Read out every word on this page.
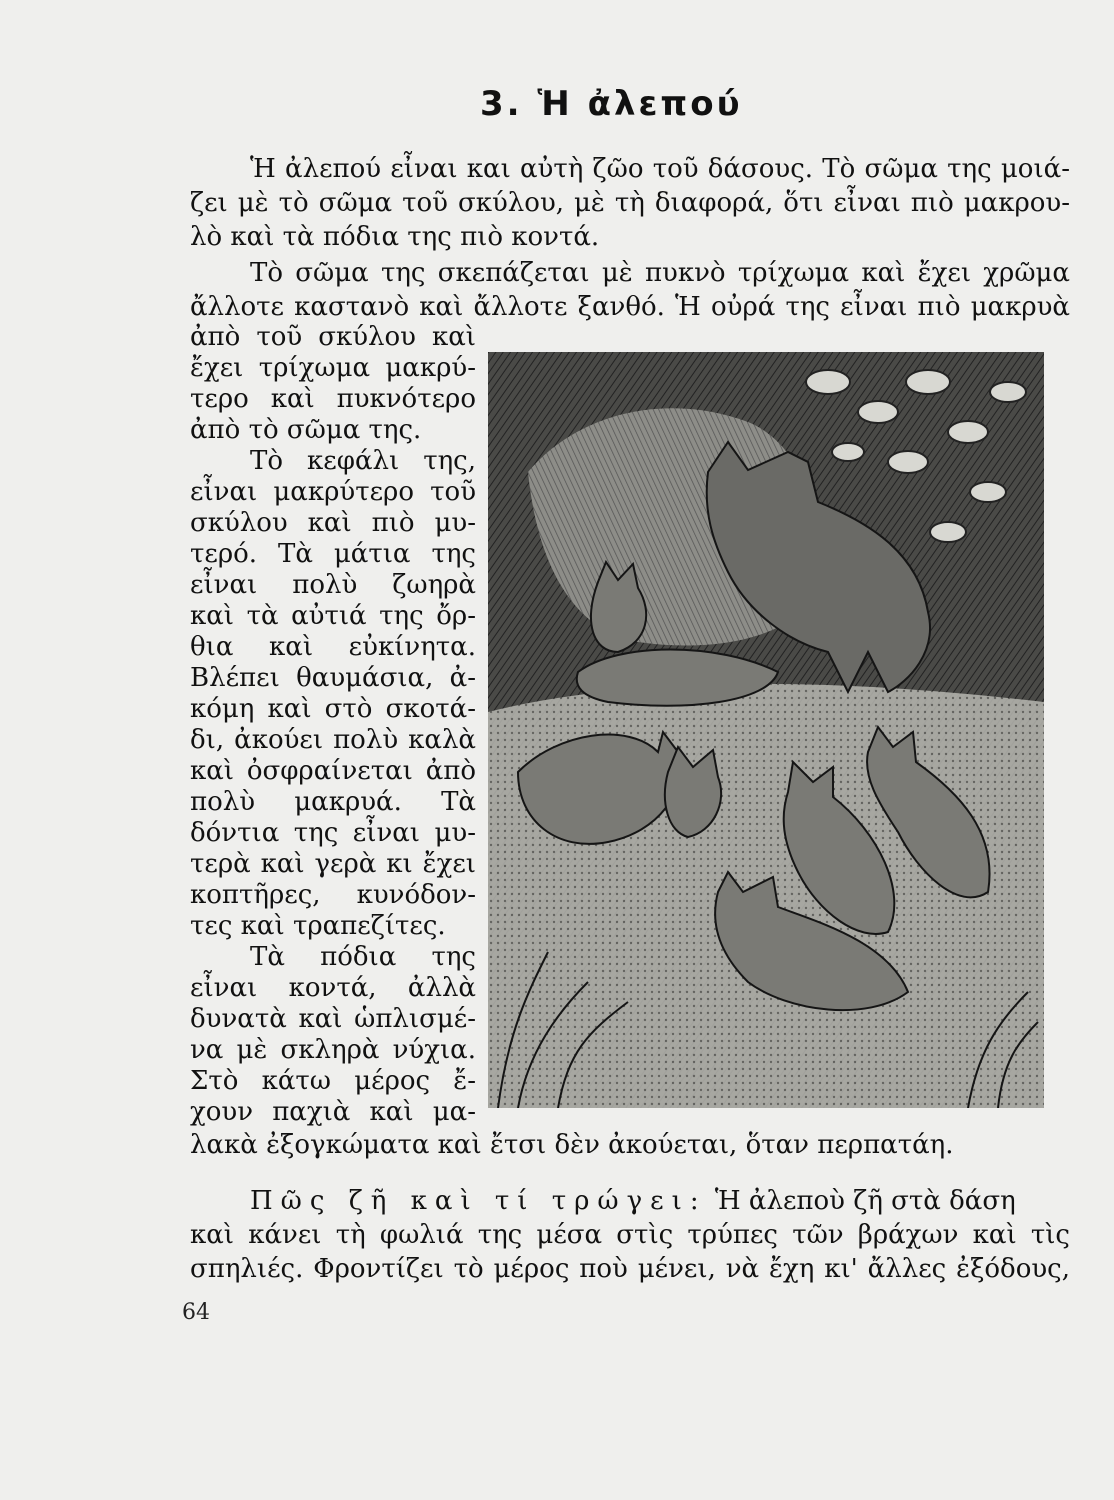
3. Ἡ ἀλεπού
Ἡ ἀλεπού εἶναι και αὐτὴ ζῶο τοῦ δάσους. Τὸ σῶμα της μοιά-
ζει μὲ τὸ σῶμα τοῦ σκύλου, μὲ τὴ διαφορά, ὅτι εἶναι πιὸ μακρου-
λὸ καὶ τὰ πόδια της πιὸ κοντά.
Τὸ σῶμα της σκεπάζεται μὲ πυκνὸ τρίχωμα καὶ ἔχει χρῶμα
ἄλλοτε καστανὸ καὶ ἄλλοτε ξανθό. Ἡ οὐρά της εἶναι πιὸ μακρυὰ
ἀπὸ τοῦ σκύλου καὶ
ἔχει τρίχωμα μακρύ-
τερο καὶ πυκνότερο
ἀπὸ τὸ σῶμα της.
Τὸ κεφάλι της,
εἶναι μακρύτερο τοῦ
σκύλου καὶ πιὸ μυ-
τερό. Τὰ μάτια της
εἶναι πολὺ ζωηρὰ
καὶ τὰ αὐτιά της ὄρ-
θια καὶ εὐκίνητα.
Βλέπει θαυμάσια, ἀ-
κόμη καὶ στὸ σκοτά-
δι, ἀκούει πολὺ καλὰ
καὶ ὀσφραίνεται ἀπὸ
πολὺ μακρυά. Τὰ
δόντια της εἶναι μυ-
τερὰ καὶ γερὰ κι ἔχει
κοπτῆρες, κυνόδον-
τες καὶ τραπεζίτες.
Τὰ πόδια της
εἶναι κοντά, ἀλλὰ
δυνατὰ καὶ ὡπλισμέ-
να μὲ σκληρὰ νύχια.
Στὸ κάτω μέρος ἔ-
χουν παχιὰ καὶ μα-
λακὰ ἐξογκώματα καὶ ἔτσι δὲν ἀκούεται, ὅταν περπατάη.
Πῶς ζῆ καὶ τί τρώγει: Ἡ ἀλεποὺ ζῆ στὰ δάση
καὶ κάνει τὴ φωλιά της μέσα στὶς τρύπες τῶν βράχων καὶ τὶς
σπηλιές. Φροντίζει τὸ μέρος ποὺ μένει, νὰ ἔχη κι' ἄλλες ἐξόδους,
64
